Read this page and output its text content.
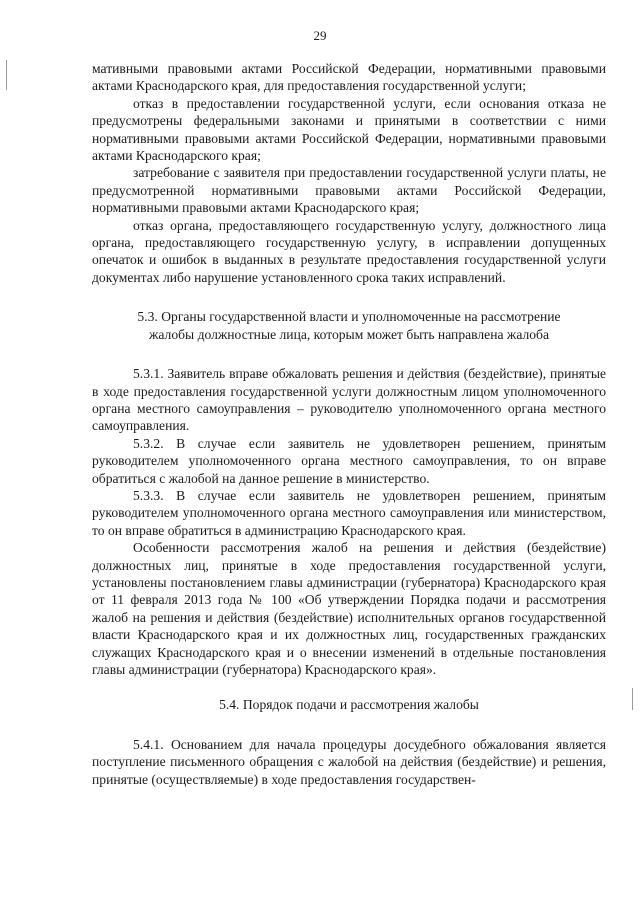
29

мативными правовыми актами Российской Федерации, нормативными правовыми актами Краснодарского края, для предоставления государственной услуги;

отказ в предоставлении государственной услуги, если основания отказа не предусмотрены федеральными законами и принятыми в соответствии с ними нормативными правовыми актами Российской Федерации, нормативными правовыми актами Краснодарского края;

затребование с заявителя при предоставлении государственной услуги платы, не предусмотренной нормативными правовыми актами Российской Федерации, нормативными правовыми актами Краснодарского края;

отказ органа, предоставляющего государственную услугу, должностного лица органа, предоставляющего государственную услугу, в исправлении допущенных опечаток и ошибок в выданных в результате предоставления государственной услуги документах либо нарушение установленного срока таких исправлений.

5.3. Органы государственной власти и уполномоченные на рассмотрение жалобы должностные лица, которым может быть направлена жалоба

5.3.1. Заявитель вправе обжаловать решения и действия (бездействие), принятые в ходе предоставления государственной услуги должностным лицом уполномоченного органа местного самоуправления – руководителю уполномоченного органа местного самоуправления.

5.3.2. В случае если заявитель не удовлетворен решением, принятым руководителем уполномоченного органа местного самоуправления, то он вправе обратиться с жалобой на данное решение в министерство.

5.3.3. В случае если заявитель не удовлетворен решением, принятым руководителем уполномоченного органа местного самоуправления или министерством, то он вправе обратиться в администрацию Краснодарского края.

Особенности рассмотрения жалоб на решения и действия (бездействие) должностных лиц, принятые в ходе предоставления государственной услуги, установлены постановлением главы администрации (губернатора) Краснодарского края от 11 февраля 2013 года № 100 «Об утверждении Порядка подачи и рассмотрения жалоб на решения и действия (бездействие) исполнительных органов государственной власти Краснодарского края и их должностных лиц, государственных гражданских служащих Краснодарского края и о внесении изменений в отдельные постановления главы администрации (губернатора) Краснодарского края».

5.4. Порядок подачи и рассмотрения жалобы

5.4.1. Основанием для начала процедуры досудебного обжалования является поступление письменного обращения с жалобой на действия (бездействие) и решения, принятые (осуществляемые) в ходе предоставления государствен-
